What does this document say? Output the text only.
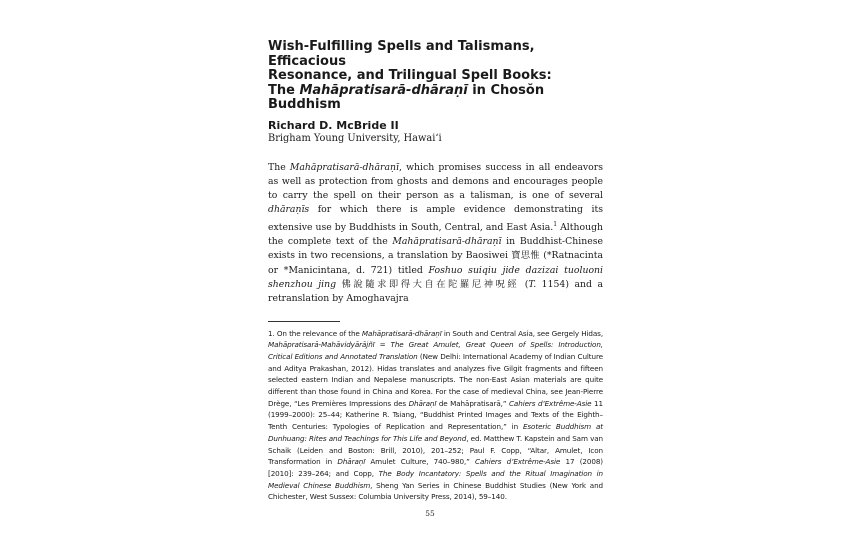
Wish-Fulfilling Spells and Talismans, Efficacious
Resonance, and Trilingual Spell Books:
The Mahāpratisarā-dhāraṇī in Chosŏn Buddhism
Richard D. McBride II
Brigham Young University, Hawai‘i

The Mahāpratisarā-dhāraṇī, which promises success in all endeavors as well as protection from ghosts and demons and encourages people to carry the spell on their person as a talisman, is one of several dhāraṇīs for which there is ample evidence demonstrating its extensive use by Buddhists in South, Central, and East Asia.$^1$ Although the complete text of the Mahāpratisarā-dhāraṇī in Buddhist-Chinese exists in two recensions, a translation by Baosiwei 寶思惟 (*Ratnacinta or *Manicintana, d. 721) titled Foshuo suiqiu jide dazizai tuoluoni shenzhou jing 佛說隨求即得大自在陀羅尼神呪經 (T. 1154) and a retranslation by Amoghavajra

1. On the relevance of the Mahāpratisarā-dhāraṇī in South and Central Asia, see Gergely Hidas, Mahāpratisarā-Mahāvidyārājñī = The Great Amulet, Great Queen of Spells: Introduction, Critical Editions and Annotated Translation (New Delhi: International Academy of Indian Culture and Aditya Prakashan, 2012). Hidas translates and analyzes five Gilgit fragments and fifteen selected eastern Indian and Nepalese manuscripts. The non-East Asian materials are quite different than those found in China and Korea. For the case of medieval China, see Jean-Pierre Drège, “Les Premières Impressions des Dhāraṇī de Mahāpratisarā,” Cahiers d’Extrême-Asie 11 (1999–2000): 25–44; Katherine R. Tsiang, “Buddhist Printed Images and Texts of the Eighth–Tenth Centuries: Typologies of Replication and Representation,” in Esoteric Buddhism at Dunhuang: Rites and Teachings for This Life and Beyond, ed. Matthew T. Kapstein and Sam van Schaik (Leiden and Boston: Brill, 2010), 201–252; Paul F. Copp, “Altar, Amulet, Icon Transformation in Dhāraṇī Amulet Culture, 740–980,” Cahiers d’Extrême-Asie 17 (2008) [2010]: 239–264; and Copp, The Body Incantatory: Spells and the Ritual Imagination in Medieval Chinese Buddhism, Sheng Yan Series in Chinese Buddhist Studies (New York and Chichester, West Sussex: Columbia University Press, 2014), 59–140.

55
